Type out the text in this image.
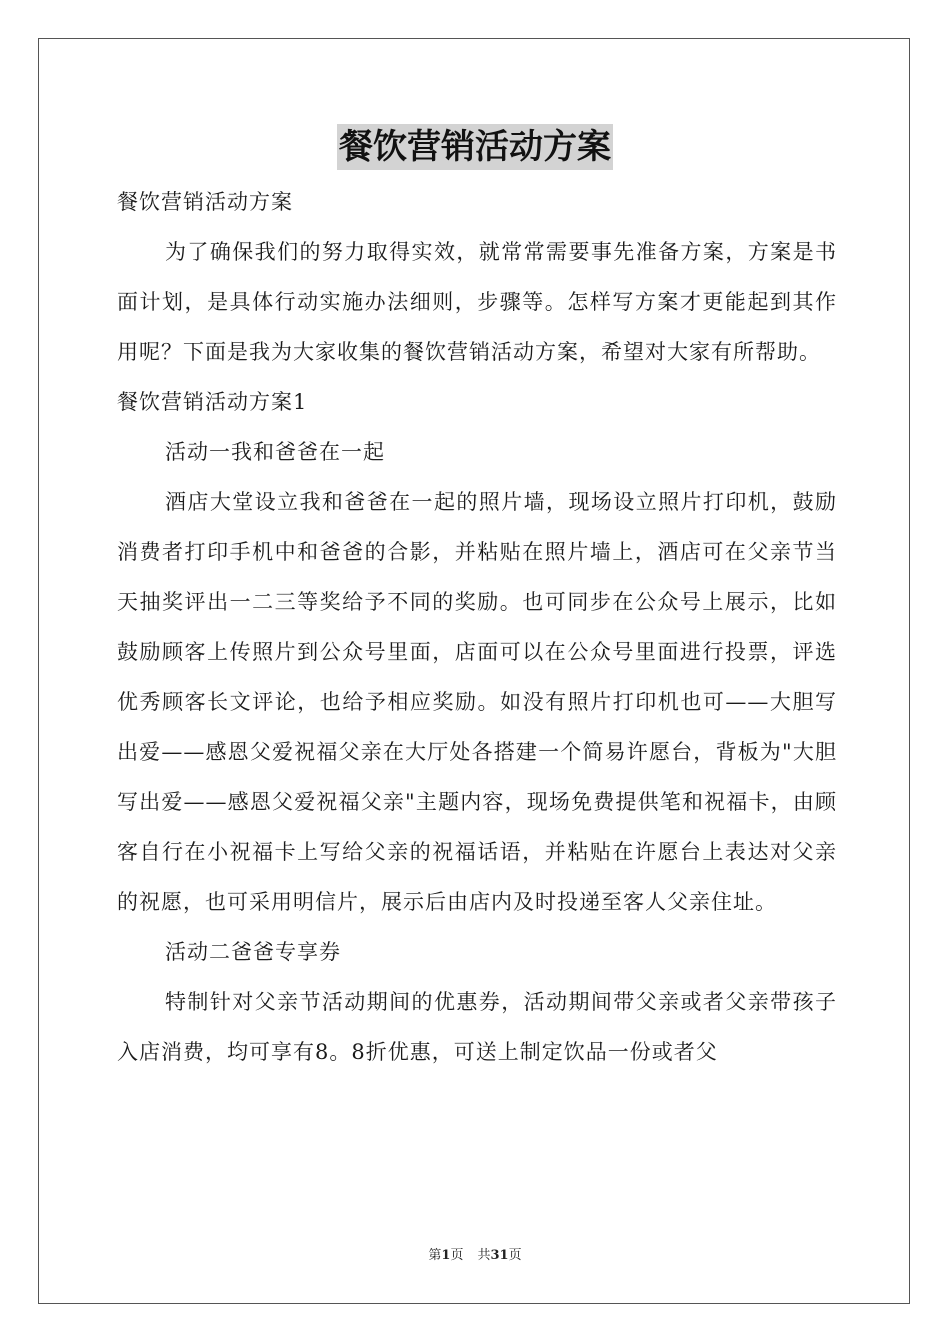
餐饮营销活动方案

餐饮营销活动方案

为了确保我们的努力取得实效，就常常需要事先准备方案，方案是书面计划，是具体行动实施办法细则，步骤等。怎样写方案才更能起到其作用呢？下面是我为大家收集的餐饮营销活动方案，希望对大家有所帮助。

餐饮营销活动方案1

活动一我和爸爸在一起

酒店大堂设立我和爸爸在一起的照片墙，现场设立照片打印机，鼓励消费者打印手机中和爸爸的合影，并粘贴在照片墙上，酒店可在父亲节当天抽奖评出一二三等奖给予不同的奖励。也可同步在公众号上展示，比如鼓励顾客上传照片到公众号里面，店面可以在公众号里面进行投票，评选优秀顾客长文评论，也给予相应奖励。如没有照片打印机也可——大胆写出爱——感恩父爱祝福父亲在大厅处各搭建一个简易许愿台，背板为"大胆写出爱——感恩父爱祝福父亲"主题内容，现场免费提供笔和祝福卡，由顾客自行在小祝福卡上写给父亲的祝福话语，并粘贴在许愿台上表达对父亲的祝愿，也可采用明信片，展示后由店内及时投递至客人父亲住址。

活动二爸爸专享券

特制针对父亲节活动期间的优惠券，活动期间带父亲或者父亲带孩子入店消费，均可享有8。8折优惠，可送上制定饮品一份或者父

第1页 共31页
